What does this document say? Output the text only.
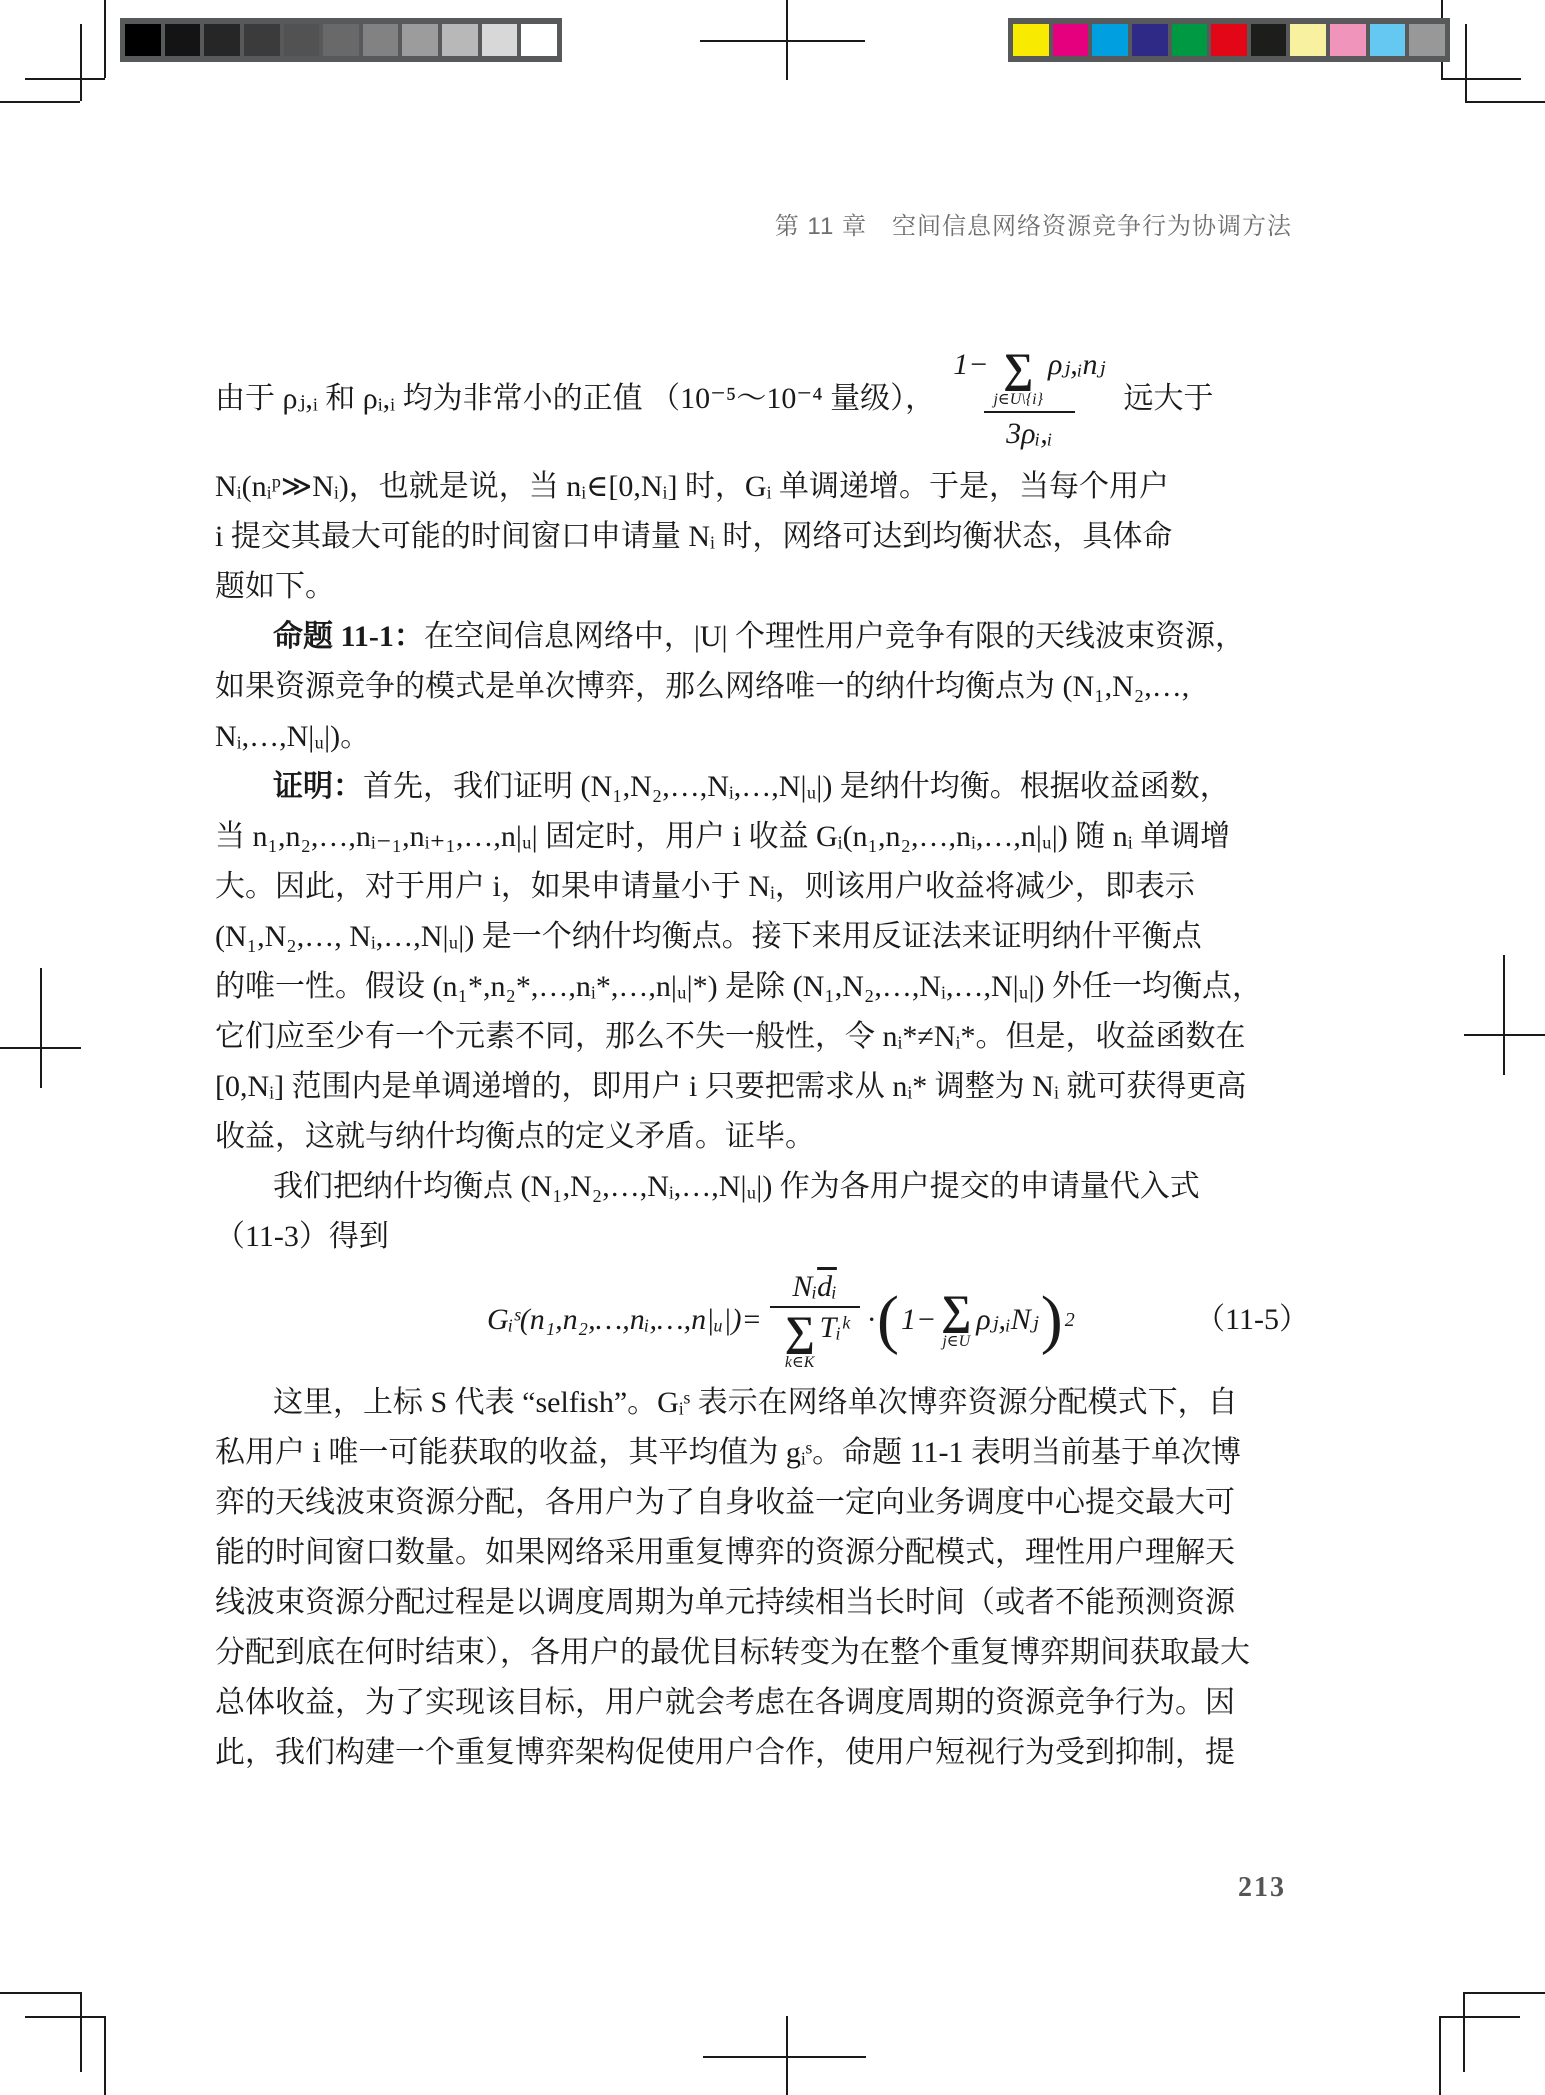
第 11 章　空间信息网络资源竞争行为协调方法
由于 ρⱼ,ᵢ 和 ρᵢ,ᵢ 均为非常小的正值 （10⁻⁵～10⁻⁴ 量级），
1− ∑
j∈U\{i}
ρⱼ,ᵢnⱼ
3ρᵢ,ᵢ
远大于
Nᵢ(nᵢᵖ≫Nᵢ)，也就是说，当 nᵢ∈[0,Nᵢ] 时，Gᵢ 单调递增。于是，当每个用户
i 提交其最大可能的时间窗口申请量 Nᵢ 时，网络可达到均衡状态，具体命
题如下。
命题 11-1：在空间信息网络中，|U| 个理性用户竞争有限的天线波束资源，
如果资源竞争的模式是单次博弈，那么网络唯一的纳什均衡点为 (N₁,N₂,…,
Nᵢ,…,N|ᵤ|)。
证明：首先，我们证明 (N₁,N₂,…,Nᵢ,…,N|ᵤ|) 是纳什均衡。根据收益函数，
当 n₁,n₂,…,nᵢ₋₁,nᵢ₊₁,…,n|ᵤ| 固定时，用户 i 收益 Gᵢ(n₁,n₂,…,nᵢ,…,n|ᵤ|) 随 nᵢ 单调增
大。因此，对于用户 i，如果申请量小于 Nᵢ，则该用户收益将减少，即表示
(N₁,N₂,…, Nᵢ,…,N|ᵤ|) 是一个纳什均衡点。接下来用反证法来证明纳什平衡点
的唯一性。假设 (n₁*,n₂*,…,nᵢ*,…,n|ᵤ|*) 是除 (N₁,N₂,…,Nᵢ,…,N|ᵤ|) 外任一均衡点，
它们应至少有一个元素不同，那么不失一般性，令 nᵢ*≠Nᵢ*。但是，收益函数在
[0,Nᵢ] 范围内是单调递增的，即用户 i 只要把需求从 nᵢ* 调整为 Nᵢ 就可获得更高
收益，这就与纳什均衡点的定义矛盾。证毕。
我们把纳什均衡点 (N₁,N₂,…,Nᵢ,…,N|ᵤ|) 作为各用户提交的申请量代入式
（11-3）得到
Gᵢˢ(n₁,n₂,…,nᵢ,…,n|ᵤ|)= $Nᵢ\overline{dᵢ}$
∑
k∈K
Tᵢᵏ · ( 1− ∑
j∈U
ρⱼ,ᵢNⱼ ) 2	（11-5）
这里，上标 S 代表 “selfish”。Gᵢˢ 表示在网络单次博弈资源分配模式下，自
私用户 i 唯一可能获取的收益，其平均值为 gᵢˢ。命题 11-1 表明当前基于单次博
弈的天线波束资源分配，各用户为了自身收益一定向业务调度中心提交最大可
能的时间窗口数量。如果网络采用重复博弈的资源分配模式，理性用户理解天
线波束资源分配过程是以调度周期为单元持续相当长时间（或者不能预测资源
分配到底在何时结束），各用户的最优目标转变为在整个重复博弈期间获取最大
总体收益，为了实现该目标，用户就会考虑在各调度周期的资源竞争行为。因
此，我们构建一个重复博弈架构促使用户合作，使用户短视行为受到抑制，提
213
